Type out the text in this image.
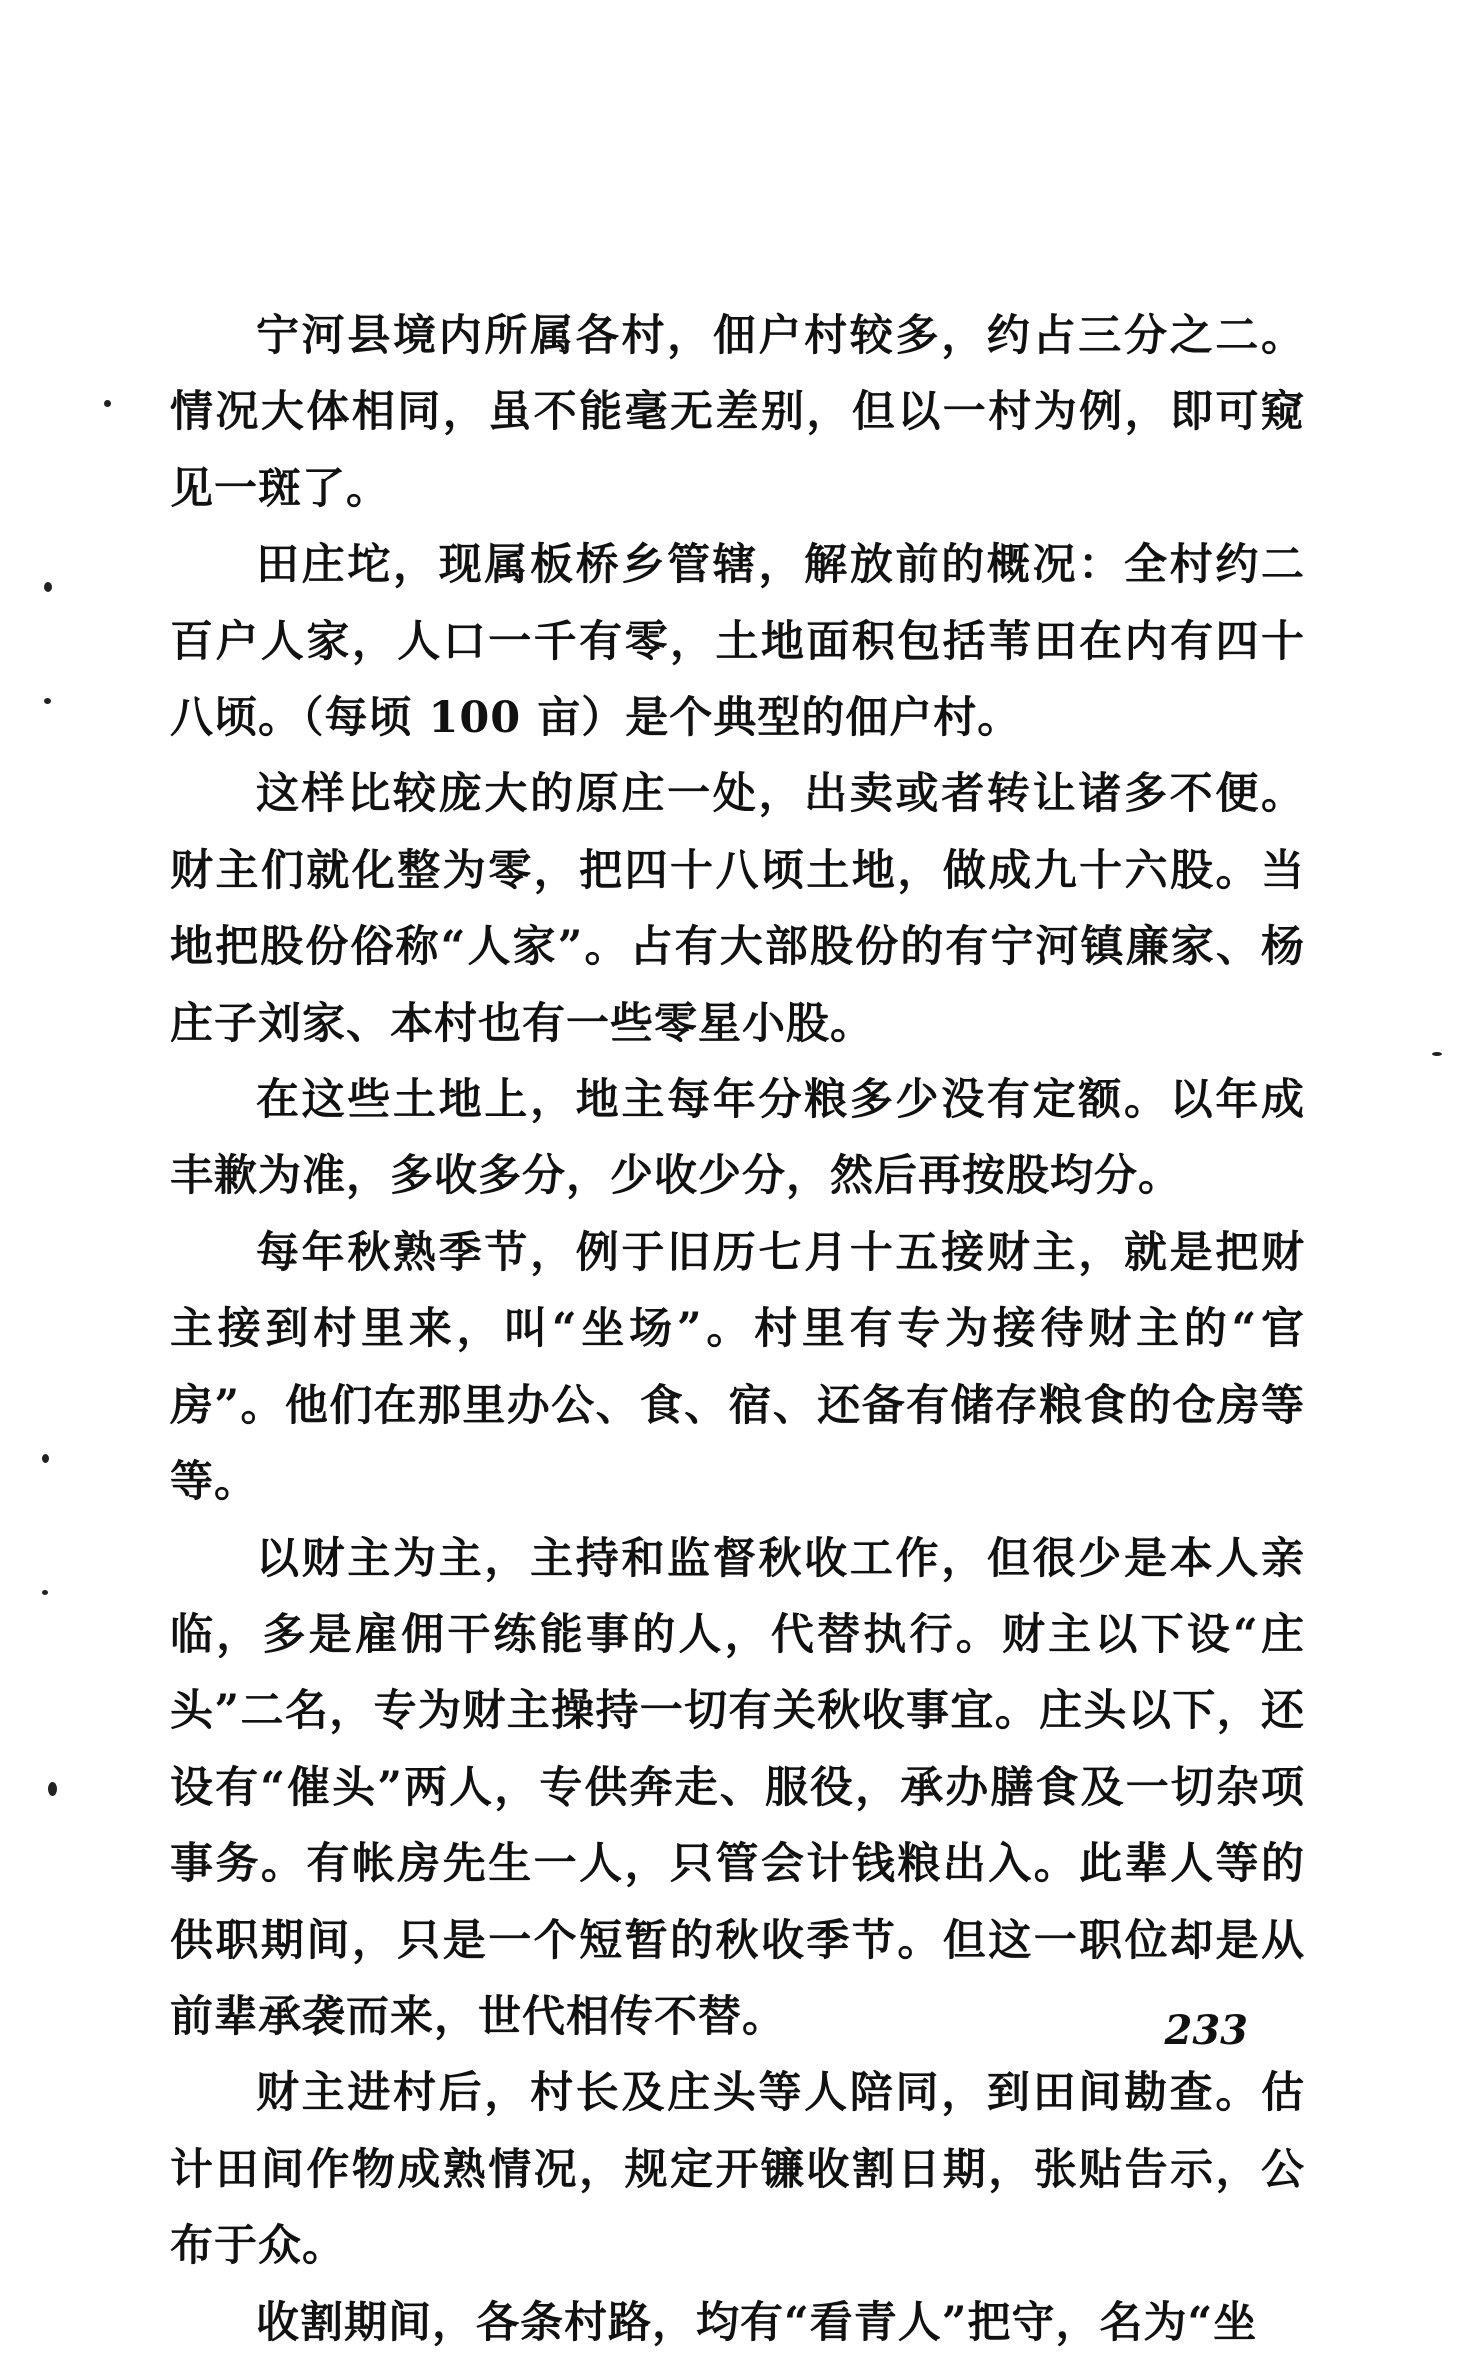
宁河县境内所属各村，佃户村较多，约占三分之二。情况大体相同，虽不能毫无差别，但以一村为例，即可窥见一斑了。

田庄坨，现属板桥乡管辖，解放前的概况：全村约二百户人家，人口一千有零，土地面积包括苇田在内有四十八顷。（每顷 100 亩）是个典型的佃户村。

这样比较庞大的原庄一处，出卖或者转让诸多不便。财主们就化整为零，把四十八顷土地，做成九十六股。当地把股份俗称“人家”。占有大部股份的有宁河镇廉家、杨庄子刘家、本村也有一些零星小股。

在这些土地上，地主每年分粮多少没有定额。以年成丰歉为准，多收多分，少收少分，然后再按股均分。

每年秋熟季节，例于旧历七月十五接财主，就是把财主接到村里来，叫“坐场”。村里有专为接待财主的“官房”。他们在那里办公、食、宿、还备有储存粮食的仓房等等。

以财主为主，主持和监督秋收工作，但很少是本人亲临，多是雇佣干练能事的人，代替执行。财主以下设“庄头”二名，专为财主操持一切有关秋收事宜。庄头以下，还设有“催头”两人，专供奔走、服役，承办膳食及一切杂项事务。有帐房先生一人，只管会计钱粮出入。此辈人等的供职期间，只是一个短暂的秋收季节。但这一职位却是从前辈承袭而来，世代相传不替。

财主进村后，村长及庄头等人陪同，到田间勘查。估计田间作物成熟情况，规定开镰收割日期，张贴告示，公布于众。

收割期间，各条村路，均有“看青人”把守，名为“坐

233
